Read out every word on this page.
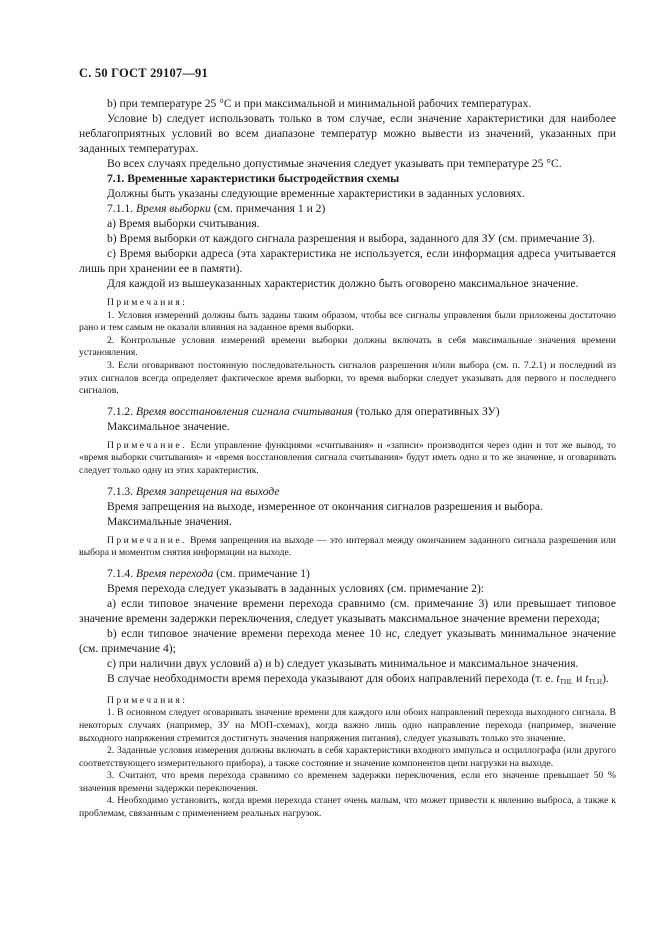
С. 50 ГОСТ 29107—91

b) при температуре 25 °С и при максимальной и минимальной рабочих температурах.

Условие b) следует использовать только в том случае, если значение характеристики для наиболее неблагоприятных условий во всем диапазоне температур можно вывести из значений, указанных при заданных температурах.

Во всех случаях предельно допустимые значения следует указывать при температуре 25 °С.

7.1. Временные характеристики быстродействия схемы

Должны быть указаны следующие временные характеристики в заданных условиях.

7.1.1. Время выборки (см. примечания 1 и 2)

а) Время выборки считывания.

b) Время выборки от каждого сигнала разрешения и выбора, заданного для ЗУ (см. примечание 3).

с) Время выборки адреса (эта характеристика не используется, если информация адреса учитывается лишь при хранении ее в памяти).

Для каждой из вышеуказанных характеристик должно быть оговорено максимальное значение.

Примечания:

1. Условия измерений должны быть заданы таким образом, чтобы все сигналы управления были приложены достаточно рано и тем самым не оказали влияния на заданное время выборки.

2. Контрольные условия измерений времени выборки должны включать в себя максимальные значения времени установления.

3. Если оговаривают постоянную последовательность сигналов разрешения и/или выбора (см. п. 7.2.1) и последний из этих сигналов всегда определяет фактическое время выборки, то время выборки следует указывать для первого и последнего сигналов.

7.1.2. Время восстановления сигнала считывания (только для оперативных ЗУ)

Максимальное значение.

Примечание. Если управление функциями «считывания» и «записи» производится через один и тот же вывод, то «время выборки считывания» и «время восстановления сигнала считывания» будут иметь одно и то же значение, и оговаривать следует только одну из этих характеристик.

7.1.3. Время запрещения на выходе

Время запрещения на выходе, измеренное от окончания сигналов разрешения и выбора.

Максимальные значения.

Примечание. Время запрещения на выходе — это интервал между окончанием заданного сигнала разрешения или выбора и моментом снятия информации на выходе.

7.1.4. Время перехода (см. примечание 1)

Время перехода следует указывать в заданных условиях (см. примечание 2):

а) если типовое значение времени перехода сравнимо (см. примечание 3) или превышает типовое значение времени задержки переключения, следует указывать максимальное значение времени перехода;

b) если типовое значение времени перехода менее 10 нс, следует указывать минимальное значение (см. примечание 4);

с) при наличии двух условий а) и b) следует указывать минимальное и максимальное значения.

В случае необходимости время перехода указывают для обоих направлений перехода (т. е. $t_{THL}$ и $t_{TLH}$).

Примечания:

1. В основном следует оговаривать значение времени для каждого или обоих направлений перехода выходного сигнала. В некоторых случаях (например, ЗУ на МОП-схемах), когда важно лишь одно направление перехода (например, значение выходного напряжения стремится достигнуть значения напряжения питания), следует указывать только это значение.

2. Заданные условия измерения должны включать в себя характеристики входного импульса и осциллографа (или другого соответствующего измерительного прибора), а также состояние и значение компонентов цепи нагрузки на выходе.

3. Считают, что время перехода сравнимо со временем задержки переключения, если его значение превышает 50 % значения времени задержки переключения.

4. Необходимо установить, когда время перехода станет очень малым, что может привести к явлению выброса, а также к проблемам, связанным с применением реальных нагрузок.
